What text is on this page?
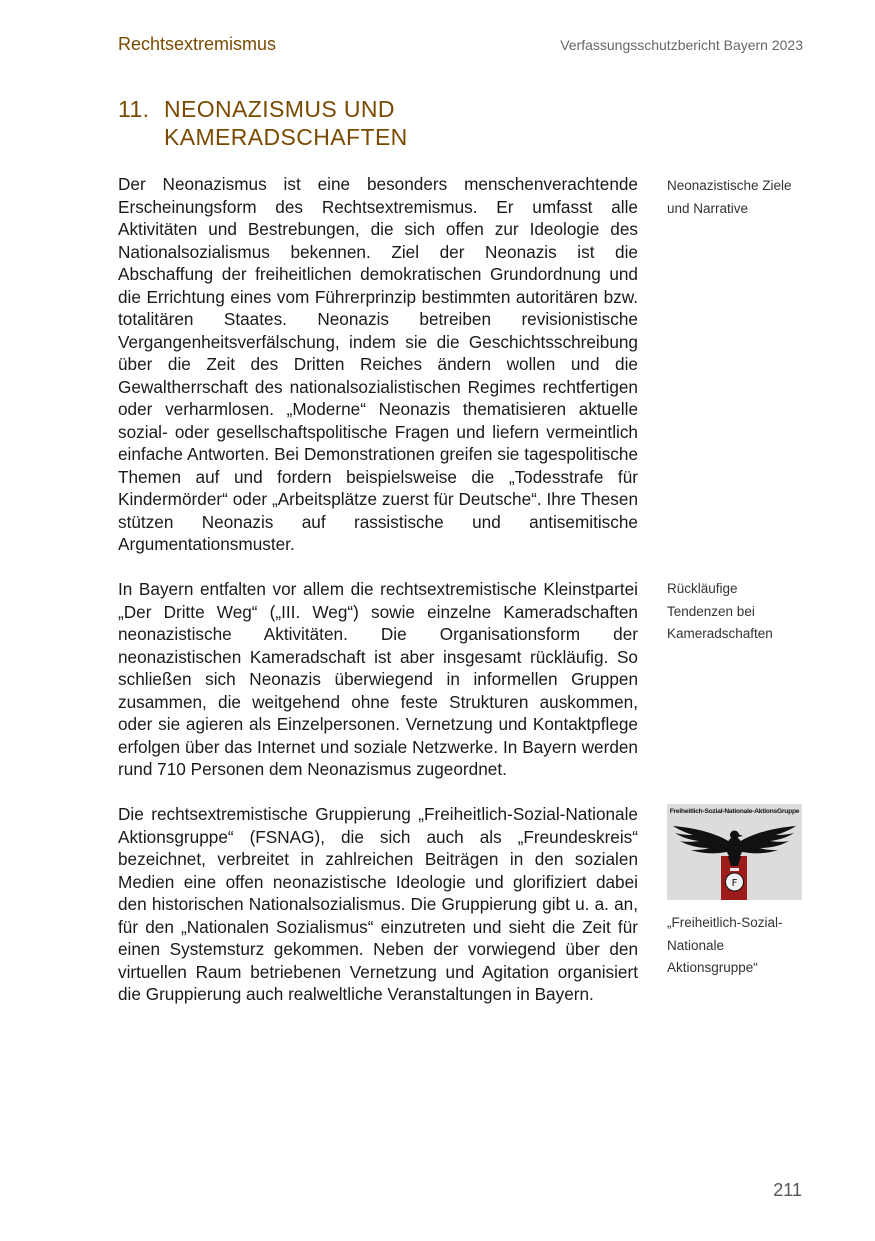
Rechtsextremismus	Verfassungsschutzbericht Bayern 2023
11. NEONAZISMUS UND KAMERADSCHAFTEN

Der Neonazismus ist eine besonders menschenverachtende Erscheinungsform des Rechtsextremismus. Er umfasst alle Aktivitäten und Bestrebungen, die sich offen zur Ideologie des Nationalsozialismus bekennen. Ziel der Neonazis ist die Abschaffung der freiheitlichen demokratischen Grundordnung und die Errichtung eines vom Führerprinzip bestimmten autoritären bzw. totalitären Staates. Neonazis betreiben revisionistische Vergangenheitsverfälschung, indem sie die Geschichtsschreibung über die Zeit des Dritten Reiches ändern wollen und die Gewaltherrschaft des nationalsozialistischen Regimes rechtfertigen oder verharmlosen. „Moderne“ Neonazis thematisieren aktuelle sozial- oder gesellschaftspolitische Fragen und liefern vermeintlich einfache Antworten. Bei Demonstrationen greifen sie tagespolitische Themen auf und fordern beispielsweise die „Todesstrafe für Kindermörder“ oder „Arbeitsplätze zuerst für Deutsche“. Ihre Thesen stützen Neonazis auf rassistische und antisemitische Argumentationsmuster.

In Bayern entfalten vor allem die rechtsextremistische Kleinstpartei „Der Dritte Weg“ („III. Weg“) sowie einzelne Kameradschaften neonazistische Aktivitäten. Die Organisationsform der neonazistischen Kameradschaft ist aber insgesamt rückläufig. So schließen sich Neonazis überwiegend in informellen Gruppen zusammen, die weitgehend ohne feste Strukturen auskommen, oder sie agieren als Einzelpersonen. Vernetzung und Kontaktpflege erfolgen über das Internet und soziale Netzwerke. In Bayern werden rund 710 Personen dem Neonazismus zugeordnet.

Die rechtsextremistische Gruppierung „Freiheitlich-Sozial-Nationale Aktionsgruppe“ (FSNAG), die sich auch als „Freundeskreis“ bezeichnet, verbreitet in zahlreichen Beiträgen in den sozialen Medien eine offen neonazistische Ideologie und glorifiziert dabei den historischen Nationalsozialismus. Die Gruppierung gibt u. a. an, für den „Nationalen Sozialismus“ einzutreten und sieht die Zeit für einen Systemsturz gekommen. Neben der vorwiegend über den virtuellen Raum betriebenen Vernetzung und Agitation organisiert die Gruppierung auch realweltliche Veranstaltungen in Bayern.

Neonazistische Ziele und Narrative
Rückläufige Tendenzen bei Kameradschaften
Freiheitlich-Sozial-Nationale-AktionsGruppe
F
„Freiheitlich-Sozial-Nationale Aktionsgruppe“
211
